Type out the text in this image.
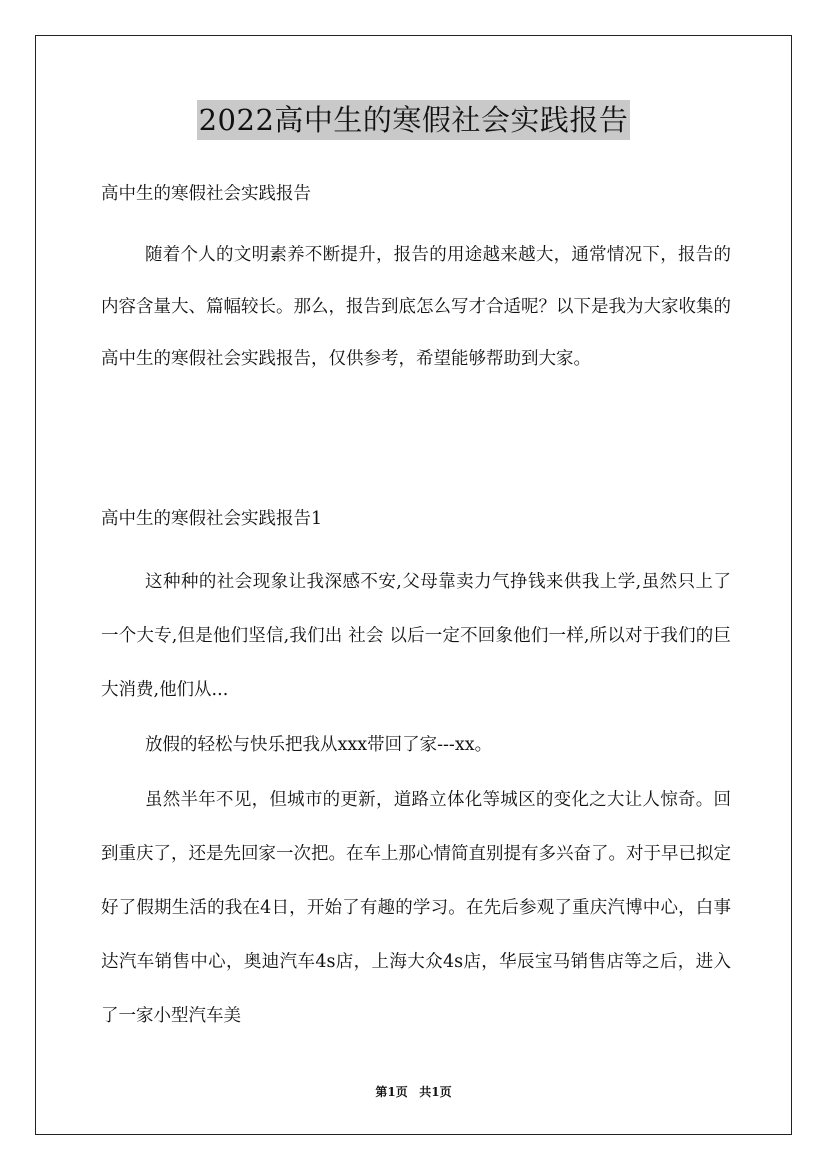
2022高中生的寒假社会实践报告
高中生的寒假社会实践报告
随着个人的文明素养不断提升，报告的用途越来越大，通常情况下，报告的内容含量大、篇幅较长。那么，报告到底怎么写才合适呢？以下是我为大家收集的高中生的寒假社会实践报告，仅供参考，希望能够帮助到大家。
高中生的寒假社会实践报告1
这种种的社会现象让我深感不安,父母靠卖力气挣钱来供我上学,虽然只上了一个大专,但是他们坚信,我们出 社会 以后一定不回象他们一样,所以对于我们的巨大消费,他们从...
放假的轻松与快乐把我从xxx带回了家---xx。
虽然半年不见，但城市的更新，道路立体化等城区的变化之大让人惊奇。回到重庆了，还是先回家一次把。在车上那心情简直别提有多兴奋了。对于早已拟定好了假期生活的我在4日，开始了有趣的学习。在先后参观了重庆汽博中心，白事达汽车销售中心，奥迪汽车4s店，上海大众4s店，华辰宝马销售店等之后，进入了一家小型汽车美
第1页 共1页
